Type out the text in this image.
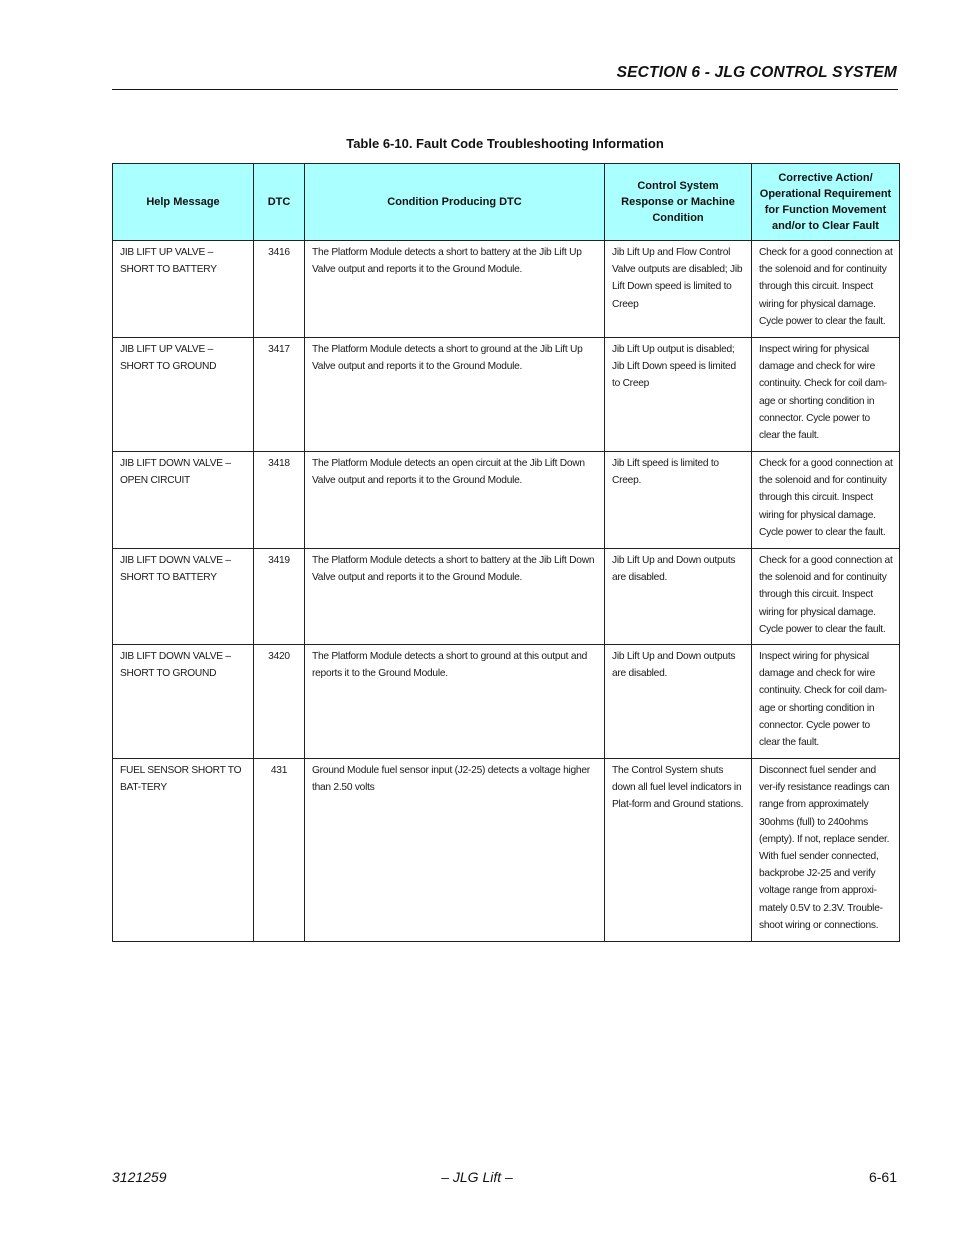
SECTION 6 - JLG CONTROL SYSTEM
Table 6-10. Fault Code Troubleshooting Information
Help Message	DTC	Condition Producing DTC	Control System Response or Machine Condition	Corrective Action/ Operational Requirement for Function Movement and/or to Clear Fault
JIB LIFT UP VALVE – SHORT TO BATTERY	3416	The Platform Module detects a short to battery at the Jib Lift Up Valve output and reports it to the Ground Module.	Jib Lift Up and Flow Control Valve outputs are disabled; Jib Lift Down speed is limited to Creep	Check for a good connection at the solenoid and for continuity through this circuit. Inspect wiring for physical damage. Cycle power to clear the fault.
JIB LIFT UP VALVE – SHORT TO GROUND	3417	The Platform Module detects a short to ground at the Jib Lift Up Valve output and reports it to the Ground Module.	Jib Lift Up output is disabled; Jib Lift Down speed is limited to Creep	Inspect wiring for physical damage and check for wire continuity. Check for coil dam-age or shorting condition in connector. Cycle power to clear the fault.
JIB LIFT DOWN VALVE – OPEN CIRCUIT	3418	The Platform Module detects an open circuit at the Jib Lift Down Valve output and reports it to the Ground Module.	Jib Lift speed is limited to Creep.	Check for a good connection at the solenoid and for continuity through this circuit. Inspect wiring for physical damage. Cycle power to clear the fault.
JIB LIFT DOWN VALVE – SHORT TO BATTERY	3419	The Platform Module detects a short to battery at the Jib Lift Down Valve output and reports it to the Ground Module.	Jib Lift Up and Down outputs are disabled.	Check for a good connection at the solenoid and for continuity through this circuit. Inspect wiring for physical damage. Cycle power to clear the fault.
JIB LIFT DOWN VALVE – SHORT TO GROUND	3420	The Platform Module detects a short to ground at this output and reports it to the Ground Module.	Jib Lift Up and Down outputs are disabled.	Inspect wiring for physical damage and check for wire continuity. Check for coil dam-age or shorting condition in connector. Cycle power to clear the fault.
FUEL SENSOR SHORT TO BAT-TERY	431	Ground Module fuel sensor input (J2-25) detects a voltage higher than 2.50 volts	The Control System shuts down all fuel level indicators in Plat-form and Ground stations.	Disconnect fuel sender and ver-ify resistance readings can range from approximately 30ohms (full) to 240ohms (empty). If not, replace sender. With fuel sender connected, backprobe J2-25 and verify voltage range from approxi-mately 0.5V to 2.3V. Trouble-shoot wiring or connections.
3121259	– JLG Lift –	6-61
